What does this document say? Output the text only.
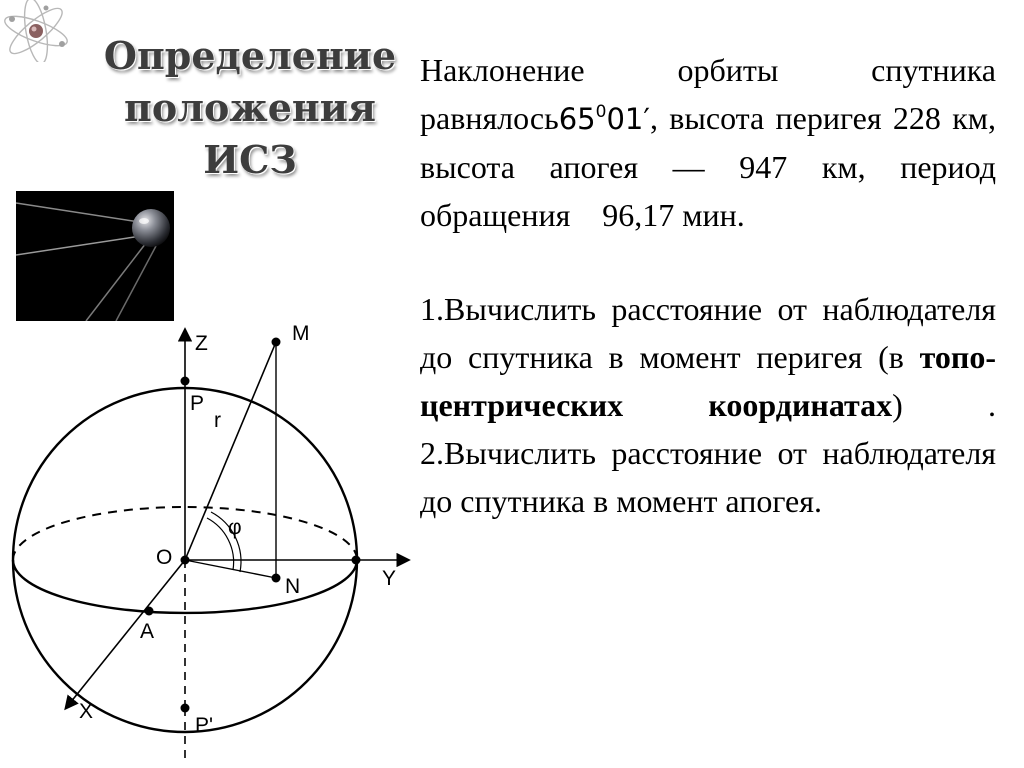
Определение
положения
ИСЗ

Наклонение орбиты спутника $равнялось65^001'$, высота перигея 228 км, высота апогея — 947 км, период обращения 96,17 мин.

1.Вычислить расстояние от наблюдателя до спутника в момент перигея (в топо-центрических координатах) .

2.Вычислить расстояние от наблюдателя до спутника в момент апогея.

Z	M
P
r
φ
O
N	Y
A
X
P'
